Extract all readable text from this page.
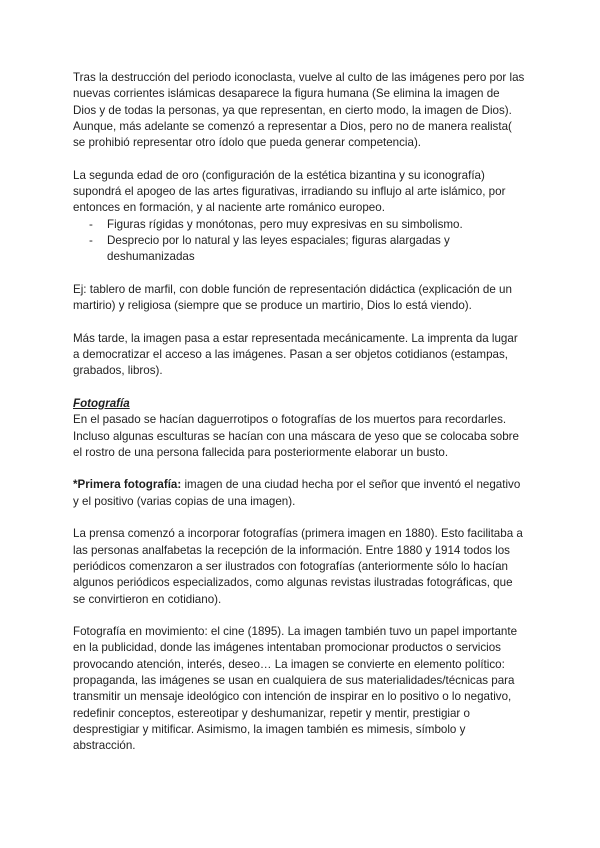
Tras la destrucción del periodo iconoclasta, vuelve al culto de las imágenes pero por las nuevas corrientes islámicas desaparece la figura humana (Se elimina la imagen de Dios y de todas la personas, ya que representan, en cierto modo, la imagen de Dios). Aunque, más adelante se comenzó a representar a Dios, pero no de manera realista( se prohibió representar otro ídolo que pueda generar competencia).

La segunda edad de oro (configuración de la estética bizantina y su iconografía) supondrá el apogeo de las artes figurativas, irradiando su influjo al arte islámico, por entonces en formación, y al naciente arte románico europeo.

- Figuras rígidas y monótonas, pero muy expresivas en su simbolismo.
- Desprecio por lo natural y las leyes espaciales; figuras alargadas y deshumanizadas

Ej: tablero de marfil, con doble función de representación didáctica (explicación de un martirio) y religiosa (siempre que se produce un martirio, Dios lo está viendo).

Más tarde, la imagen pasa a estar representada mecánicamente. La imprenta da lugar a democratizar el acceso a las imágenes. Pasan a ser objetos cotidianos (estampas, grabados, libros).

Fotografía

En el pasado se hacían daguerrotipos o fotografías de los muertos para recordarles. Incluso algunas esculturas se hacían con una máscara de yeso que se colocaba sobre el rostro de una persona fallecida para posteriormente elaborar un busto.

*Primera fotografía: imagen de una ciudad hecha por el señor que inventó el negativo y el positivo (varias copias de una imagen).

La prensa comenzó a incorporar fotografías (primera imagen en 1880). Esto facilitaba a las personas analfabetas la recepción de la información. Entre 1880 y 1914 todos los periódicos comenzaron a ser ilustrados con fotografías (anteriormente sólo lo hacían algunos periódicos especializados, como algunas revistas ilustradas fotográficas, que se convirtieron en cotidiano).

Fotografía en movimiento: el cine (1895). La imagen también tuvo un papel importante en la publicidad, donde las imágenes intentaban promocionar productos o servicios provocando atención, interés, deseo… La imagen se convierte en elemento político: propaganda, las imágenes se usan en cualquiera de sus materialidades/técnicas para transmitir un mensaje ideológico con intención de inspirar en lo positivo o lo negativo, redefinir conceptos, estereotipar y deshumanizar, repetir y mentir, prestigiar o desprestigiar y mitificar. Asimismo, la imagen también es mimesis, símbolo y abstracción.
